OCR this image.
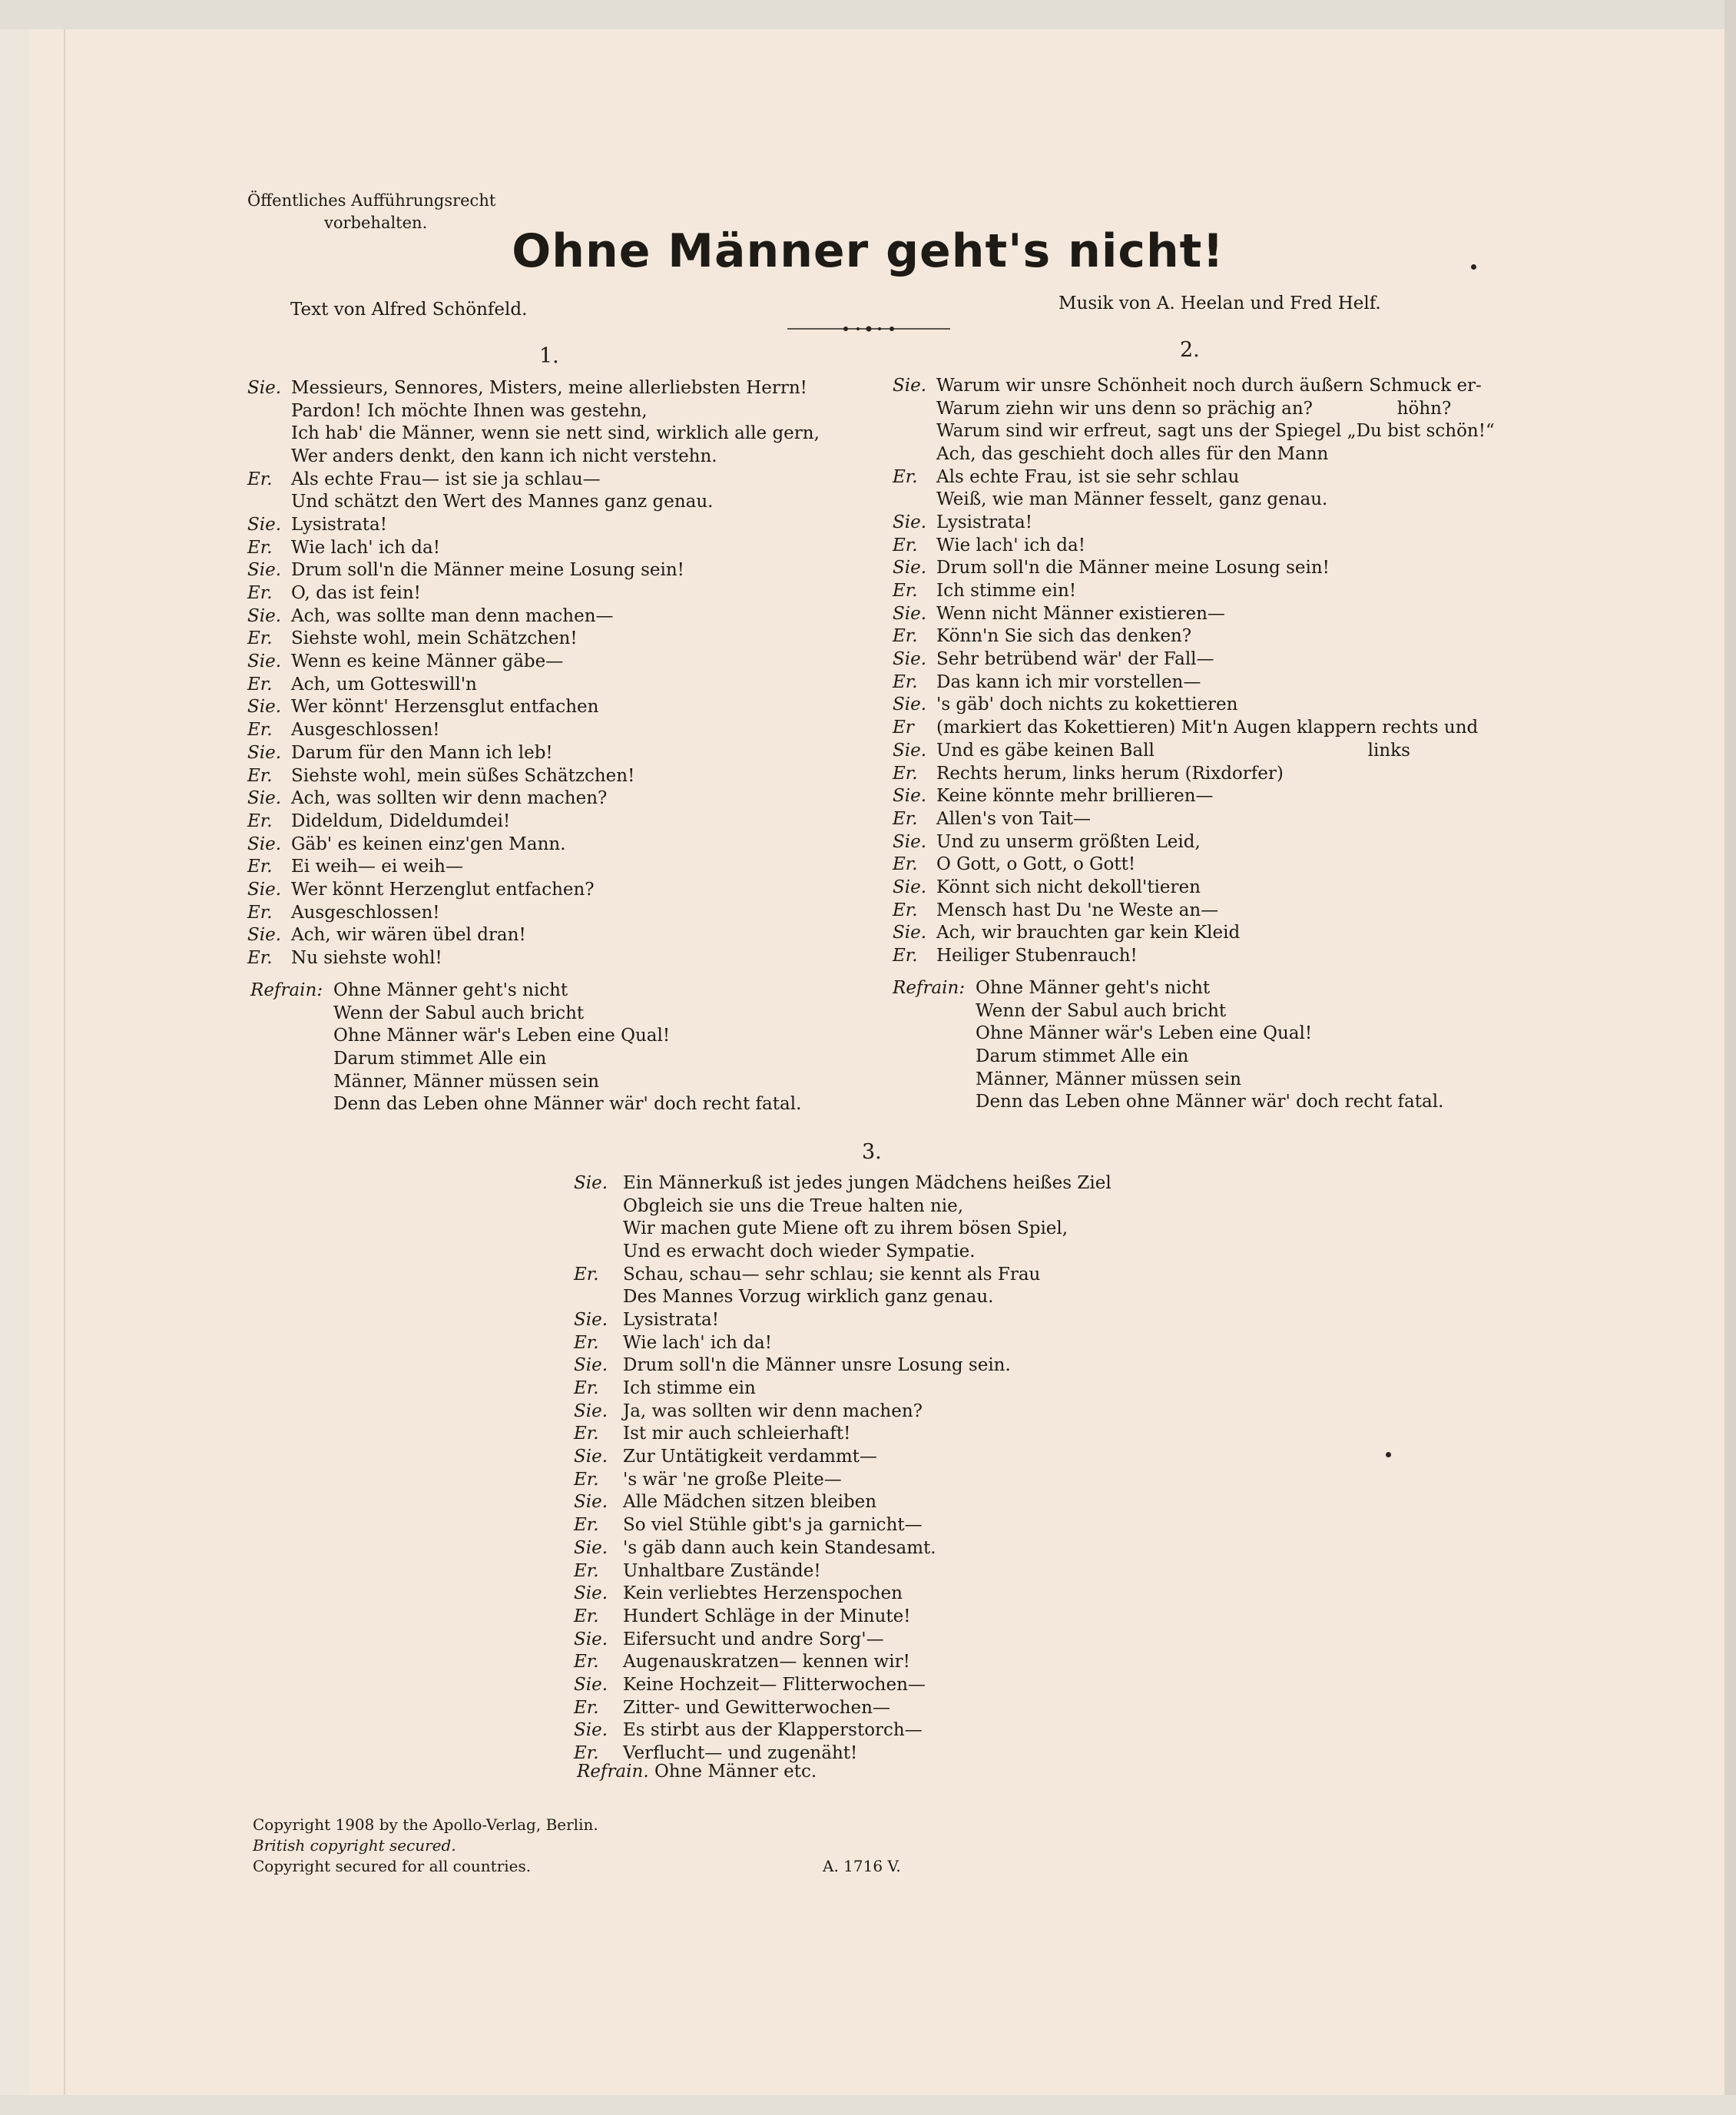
Öffentliches Aufführungsrecht
vorbehalten.
Ohne Männer geht's nicht!
Text von Alfred Schönfeld.	Musik von A. Heelan und Fred Helf.
1.	2.
3.
Sie. Messieurs, Sennores, Misters, meine allerliebsten Herrn!
Pardon! Ich möchte Ihnen was gestehn,
Ich hab' die Männer, wenn sie nett sind, wirklich alle gern,
Wer anders denkt, den kann ich nicht verstehn.
Er.	Als echte Frau— ist sie ja schlau—
Und schätzt den Wert des Mannes ganz genau.
Sie. Lysistrata!
Er.	Wie lach' ich da!
Sie. Drum soll'n die Männer meine Losung sein!
Er.	O, das ist fein!
Sie. Ach, was sollte man denn machen—
Er.	Siehste wohl, mein Schätzchen!
Sie. Wenn es keine Männer gäbe—
Er.	Ach, um Gotteswill'n
Sie. Wer könnt' Herzensglut entfachen
Er.	Ausgeschlossen!
Sie. Darum für den Mann ich leb!
Er.	Siehste wohl, mein süßes Schätzchen!
Sie. Ach, was sollten wir denn machen?
Er.	Dideldum, Dideldumdei!
Sie. Gäb' es keinen einz'gen Mann.
Er.	Ei weih— ei weih—
Sie. Wer könnt Herzenglut entfachen?
Er.	Ausgeschlossen!
Sie. Ach, wir wären übel dran!
Er.	Nu siehste wohl!
Sie. Warum wir unsre Schönheit noch durch äußern Schmuck er-
Warum ziehn wir uns denn so prächig an?               höhn?
Warum sind wir erfreut, sagt uns der Spiegel „Du bist schön!“
Ach, das geschieht doch alles für den Mann
Er.	Als echte Frau, ist sie sehr schlau
Weiß, wie man Männer fesselt, ganz genau.
Sie. Lysistrata!
Er.	Wie lach' ich da!
Sie. Drum soll'n die Männer meine Losung sein!
Er.	Ich stimme ein!
Sie. Wenn nicht Männer existieren—
Er.	Könn'n Sie sich das denken?
Sie. Sehr betrübend wär' der Fall—
Er.	Das kann ich mir vorstellen—
Sie. 's gäb' doch nichts zu kokettieren
Er	(markiert das Kokettieren) Mit'n Augen klappern rechts und
Sie. Und es gäbe keinen Ball                                      links
Er.	Rechts herum, links herum (Rixdorfer)
Sie. Keine könnte mehr brillieren—
Er.	Allen's von Tait—
Sie. Und zu unserm größten Leid,
Er.	O Gott, o Gott, o Gott!
Sie. Könnt sich nicht dekoll'tieren
Er.	Mensch hast Du 'ne Weste an—
Sie. Ach, wir brauchten gar kein Kleid
Er.	Heiliger Stubenrauch!
Sie. Ein Männerkuß ist jedes jungen Mädchens heißes Ziel
Obgleich sie uns die Treue halten nie,
Wir machen gute Miene oft zu ihrem bösen Spiel,
Und es erwacht doch wieder Sympatie.
Er.	Schau, schau— sehr schlau; sie kennt als Frau
Des Mannes Vorzug wirklich ganz genau.
Sie. Lysistrata!
Er.	Wie lach' ich da!
Sie. Drum soll'n die Männer unsre Losung sein.
Er.	Ich stimme ein
Sie. Ja, was sollten wir denn machen?
Er.	Ist mir auch schleierhaft!
Sie. Zur Untätigkeit verdammt—
Er.	's wär 'ne große Pleite—
Sie. Alle Mädchen sitzen bleiben
Er.	So viel Stühle gibt's ja garnicht—
Sie. 's gäb dann auch kein Standesamt.
Er.	Unhaltbare Zustände!
Sie. Kein verliebtes Herzenspochen
Er.	Hundert Schläge in der Minute!
Sie. Eifersucht und andre Sorg'—
Er.	Augenauskratzen— kennen wir!
Sie. Keine Hochzeit— Flitterwochen—
Er.	Zitter- und Gewitterwochen—
Sie. Es stirbt aus der Klapperstorch—
Er.	Verflucht— und zugenäht!
Refrain: Ohne Männer geht's nicht
Wenn der Sabul auch bricht
Ohne Männer wär's Leben eine Qual!
Darum stimmet Alle ein
Männer, Männer müssen sein
Denn das Leben ohne Männer wär' doch recht fatal.
Refrain: Ohne Männer geht's nicht
Wenn der Sabul auch bricht
Ohne Männer wär's Leben eine Qual!
Darum stimmet Alle ein
Männer, Männer müssen sein
Denn das Leben ohne Männer wär' doch recht fatal.
Refrain. Ohne Männer etc.
Copyright 1908 by the Apollo-Verlag, Berlin.
British copyright secured.
Copyright secured for all countries.	A. 1716 V.
